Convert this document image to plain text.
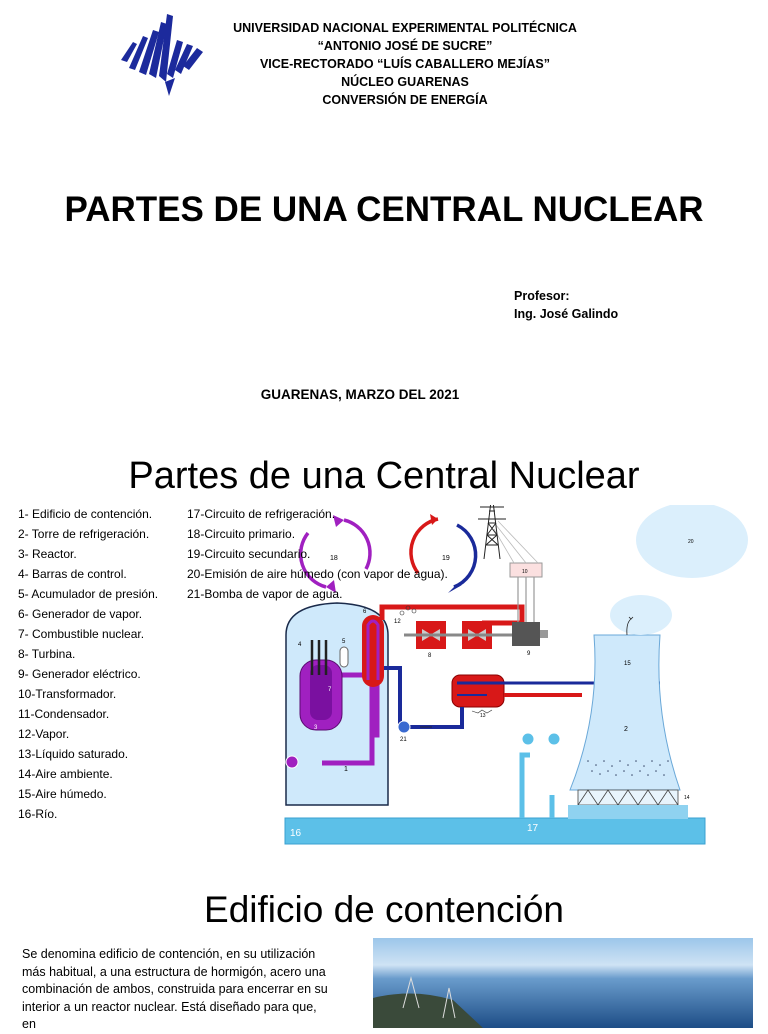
UNIVERSIDAD NACIONAL EXPERIMENTAL POLITÉCNICA
“ANTONIO JOSÉ DE SUCRE”
VICE-RECTORADO “LUÍS CABALLERO MEJÍAS”
NÚCLEO GUARENAS
CONVERSIÓN DE ENERGÍA
PARTES DE UNA CENTRAL NUCLEAR
Profesor:
Ing. José Galindo
GUARENAS, MARZO DEL 2021
Partes de una Central Nuclear
1- Edificio de contención.
2- Torre de refrigeración.
3- Reactor.
4- Barras de control.
5- Acumulador de presión.
6- Generador de vapor.
7- Combustible nuclear.
8- Turbina.
9- Generador eléctrico.
10-Transformador.
11-Condensador.
12-Vapor.
13-Líquido saturado.
14-Aire ambiente.
15-Aire húmedo.
16-Río.
16	17
1
4
7
3
5
6
12
8	9
10
13
21
15
2
14
20
18	19
17-Circuito de refrigeración.
18-Circuito primario.
19-Circuito secundario.
20-Emisión de aire húmedo (con vapor de agua).
21-Bomba de vapor de agua.
Edificio de contención
Se denomina edificio de contención, en su utilización más habitual, a una estructura de hormigón, acero una combinación de ambos, construida para encerrar en su interior a un reactor nuclear. Está diseñado para que, en
